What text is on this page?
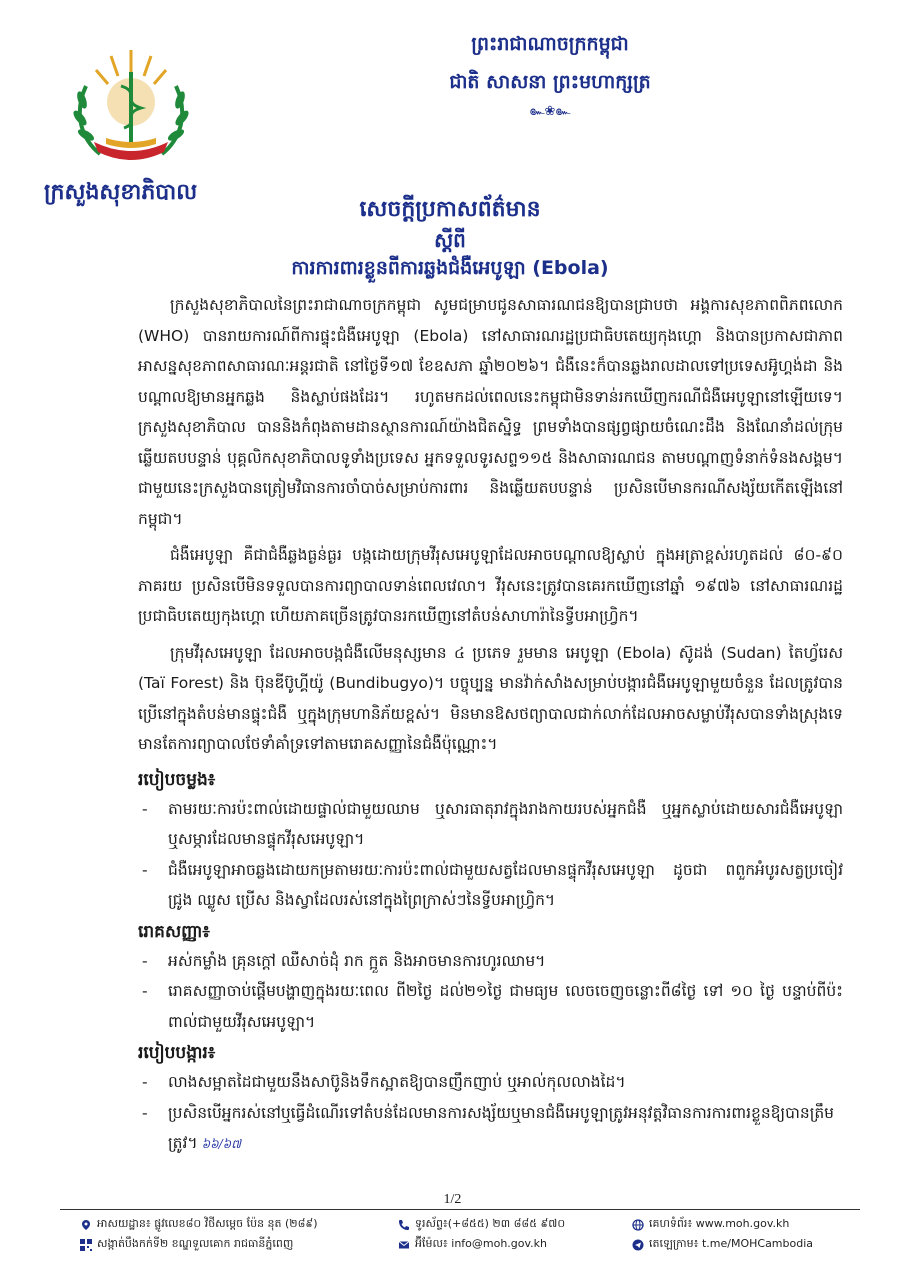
ក្រសួងសុខាភិបាល
ព្រះរាជាណាចក្រកម្ពុជា
ជាតិ សាសនា ព្រះមហាក្សត្រ
๛❀๛
សេចក្តីប្រកាសព័ត៌មាន
ស្តីពី
ការការពារខ្លួនពីការឆ្លងជំងឺអេបូឡា (Ebola)

ក្រសួងសុខាភិបាលនៃព្រះរាជាណាចក្រកម្ពុជា សូមជម្រាបជូនសាធារណជនឱ្យបានជ្រាបថា អង្គការសុខភាពពិភពលោក (WHO) បានរាយការណ៍ពីការផ្ទុះជំងឺអេបូឡា (Ebola) នៅសាធារណរដ្ឋប្រជាធិបតេយ្យកុងហ្គោ និងបានប្រកាសជាភាពអាសន្នសុខភាពសាធារណៈអន្តរជាតិ នៅថ្ងៃទី១៧ ខែឧសភា ឆ្នាំ២០២៦។ ជំងឺនេះក៏បានឆ្លងរាលដាលទៅប្រទេសអ៊ូហ្គង់ដា និងបណ្តាលឱ្យមានអ្នកឆ្លង និងស្លាប់ផងដែរ។ រហូតមកដល់ពេលនេះកម្ពុជាមិនទាន់រកឃើញករណីជំងឺអេបូឡានៅឡើយទេ។ ក្រសួងសុខាភិបាល បាននិងកំពុងតាមដានស្ថានការណ៍យ៉ាងជិតស្និទ្ធ ព្រមទាំងបានផ្សព្វផ្សាយចំណេះដឹង និងណែនាំដល់ក្រុមឆ្លើយតបបន្ទាន់ បុគ្គលិកសុខាភិបាលទូទាំងប្រទេស អ្នកទទួលទូរសព្ទ១១៥ និងសាធារណជន តាមបណ្តាញទំនាក់ទំនងសង្គម។ ជាមួយនេះក្រសួងបានត្រៀមវិធានការចាំបាច់សម្រាប់ការពារ និងឆ្លើយតបបន្ទាន់ ប្រសិនបើមានករណីសង្ស័យកើតឡើងនៅកម្ពុជា។

ជំងឺអេបូឡា គឺជាជំងឺឆ្លងធ្ងន់ធ្ងរ បង្កដោយក្រុមវីរុសអេបូឡាដែលអាចបណ្តាលឱ្យស្លាប់ ក្នុងអត្រាខ្ពស់រហូតដល់ ៨០-៩០ ភាគរយ ប្រសិនបើមិនទទួលបានការព្យាបាលទាន់ពេលវេលា។ វីរុសនេះត្រូវបានគេរកឃើញនៅឆ្នាំ ១៩៧៦ នៅសាធារណរដ្ឋប្រជាធិបតេយ្យកុងហ្គោ ហើយភាគច្រើនត្រូវបានរកឃើញនៅតំបន់សាហារ៉ានៃទ្វីបអាហ្វ្រិក។

ក្រុមវីរុសអេបូឡា ដែលអាចបង្កជំងឺលើមនុស្សមាន ៤ ប្រភេទ រួមមាន អេបូឡា (Ebola) ស៊ូដង់ (Sudan) តៃហ្វ័រេស (Taï Forest) និង ប៊ុនឌីប៊ូហ្គីយ៉ូ (Bundibugyo)។ បច្ចុប្បន្ន មានវ៉ាក់សាំងសម្រាប់បង្ការជំងឺអេបូឡាមួយចំនួន ដែលត្រូវបានប្រើនៅក្នុងតំបន់មានផ្ទុះជំងឺ ឬក្នុងក្រុមហានិភ័យខ្ពស់។ មិនមានឱសថព្យាបាលជាក់លាក់ដែលអាចសម្លាប់វីរុសបានទាំងស្រុងទេ មានតែការព្យាបាលថែទាំគាំទ្រទៅតាមរោគសញ្ញានៃជំងឺប៉ុណ្ណោះ។

របៀបចម្លង៖
- តាមរយៈការប៉ះពាល់ដោយផ្ទាល់ជាមួយឈាម ឬសារធាតុរាវក្នុងរាងកាយរបស់អ្នកជំងឺ ឬអ្នកស្លាប់ដោយសារជំងឺអេបូឡា ឬសម្ភារដែលមានផ្ទុកវីរុសអេបូឡា។
- ជំងឺអេបូឡាអាចឆ្លងដោយកម្រតាមរយៈការប៉ះពាល់ជាមួយសត្វដែលមានផ្ទុកវីរុសអេបូឡា ដូចជា ពពួកអំបូរសត្វប្រចៀវ ជ្រូង ឈ្លូស ប្រើស និងស្វាដែលរស់នៅក្នុងព្រៃក្រាស់ៗនៃទ្វីបអាហ្វ្រិក។
រោគសញ្ញា៖
- អស់កម្លាំង គ្រុនក្តៅ ឈឺសាច់ដុំ រាក ក្អួត និងអាចមានការហូរឈាម។
- រោគសញ្ញាចាប់ផ្តើមបង្ហាញក្នុងរយៈពេល ពី២ថ្ងៃ ដល់២១ថ្ងៃ ជាមធ្យម លេចចេញចន្លោះពី៨ថ្ងៃ ទៅ ១០ ថ្ងៃ បន្ទាប់ពីប៉ះពាល់ជាមួយវីរុសអេបូឡា។
របៀបបង្ការ៖
- លាងសម្អាតដៃជាមួយនឹងសាប៊ូនិងទឹកស្អាតឱ្យបានញឹកញាប់ ឬអាល់កុលលាងដៃ។
- ប្រសិនបើអ្នករស់នៅឬធ្វើដំណើរទៅតំបន់ដែលមានការសង្ស័យឬមានជំងឺអេបូឡាត្រូវអនុវត្តវិធានការការពារខ្លួនឱ្យបានត្រឹមត្រូវ។ ៦៦/៦៧
1/2
អាសយដ្ឋាន៖ ផ្លូវលេខ៨០ វិថីសម្តេច ប៉ែន នុត (២៨៩)
សង្កាត់បឹងកក់ទី២ ខណ្ឌទួលគោក រាជធានីភ្នំពេញ
ទូរស័ព្ទ៖(+៨៥៥) ២៣ ៨៨៥ ៩៧០
អ៊ីម៉ែល៖ info@moh.gov.kh
គេហទំព័រ៖ www.moh.gov.kh
តេឡេក្រាម៖ t.me/MOHCambodia
